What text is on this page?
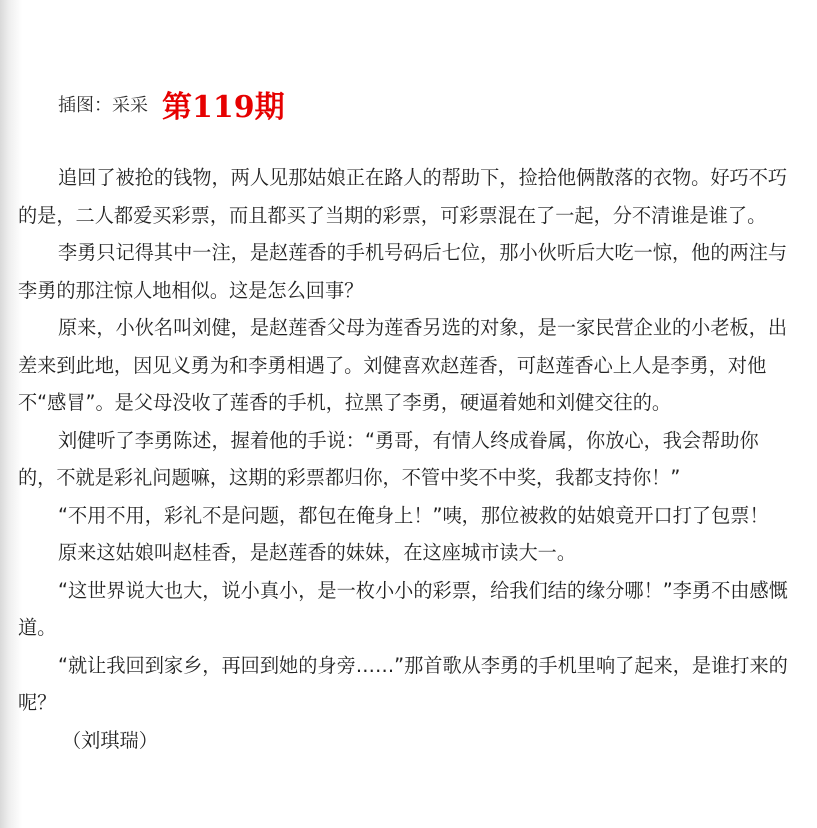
插图：采采 第119期

追回了被抢的钱物，两人见那姑娘正在路人的帮助下，捡拾他俩散落的衣物。好巧不巧的是，二人都爱买彩票，而且都买了当期的彩票，可彩票混在了一起，分不清谁是谁了。

李勇只记得其中一注，是赵莲香的手机号码后七位，那小伙听后大吃一惊，他的两注与李勇的那注惊人地相似。这是怎么回事？

原来，小伙名叫刘健，是赵莲香父母为莲香另选的对象，是一家民营企业的小老板，出差来到此地，因见义勇为和李勇相遇了。刘健喜欢赵莲香，可赵莲香心上人是李勇，对他不“感冒”。是父母没收了莲香的手机，拉黑了李勇，硬逼着她和刘健交往的。

刘健听了李勇陈述，握着他的手说：“勇哥，有情人终成眷属，你放心，我会帮助你的，不就是彩礼问题嘛，这期的彩票都归你，不管中奖不中奖，我都支持你！”

“不用不用，彩礼不是问题，都包在俺身上！”咦，那位被救的姑娘竟开口打了包票！

原来这姑娘叫赵桂香，是赵莲香的妹妹，在这座城市读大一。

“这世界说大也大，说小真小，是一枚小小的彩票，给我们结的缘分哪！”李勇不由感慨道。

“就让我回到家乡，再回到她的身旁……”那首歌从李勇的手机里响了起来，是谁打来的呢？

（刘琪瑞）
